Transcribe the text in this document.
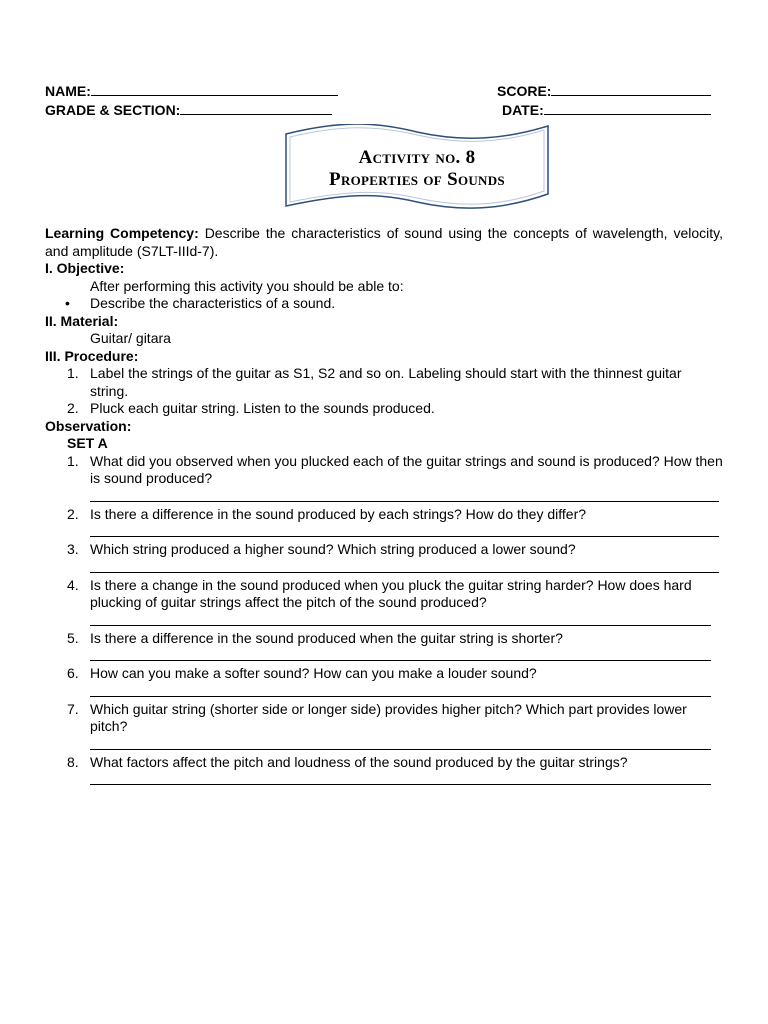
NAME:	SCORE:
GRADE & SECTION:	DATE:
Activity no. 8
Properties of Sounds
Learning Competency: Describe the characteristics of sound using the concepts of wavelength, velocity, and amplitude (S7LT-IIId-7).
I. Objective:
After performing this activity you should be able to:
•	Describe the characteristics of a sound.
II. Material:
Guitar/ gitara
III. Procedure:
1. Label the strings of the guitar as S1, S2 and so on. Labeling should start with the thinnest guitar string.
2. Pluck each guitar string. Listen to the sounds produced.
Observation:
SET A
1. What did you observed when you plucked each of the guitar strings and sound is produced? How then is sound produced?
2. Is there a difference in the sound produced by each strings? How do they differ?
3. Which string produced a higher sound? Which string produced a lower sound?
4. Is there a change in the sound produced when you pluck the guitar string harder? How does hard plucking of guitar strings affect the pitch of the sound produced?
5. Is there a difference in the sound produced when the guitar string is shorter?
6. How can you make a softer sound? How can you make a louder sound?
7. Which guitar string (shorter side or longer side) provides higher pitch? Which part provides lower pitch?
8. What factors affect the pitch and loudness of the sound produced by the guitar strings?
